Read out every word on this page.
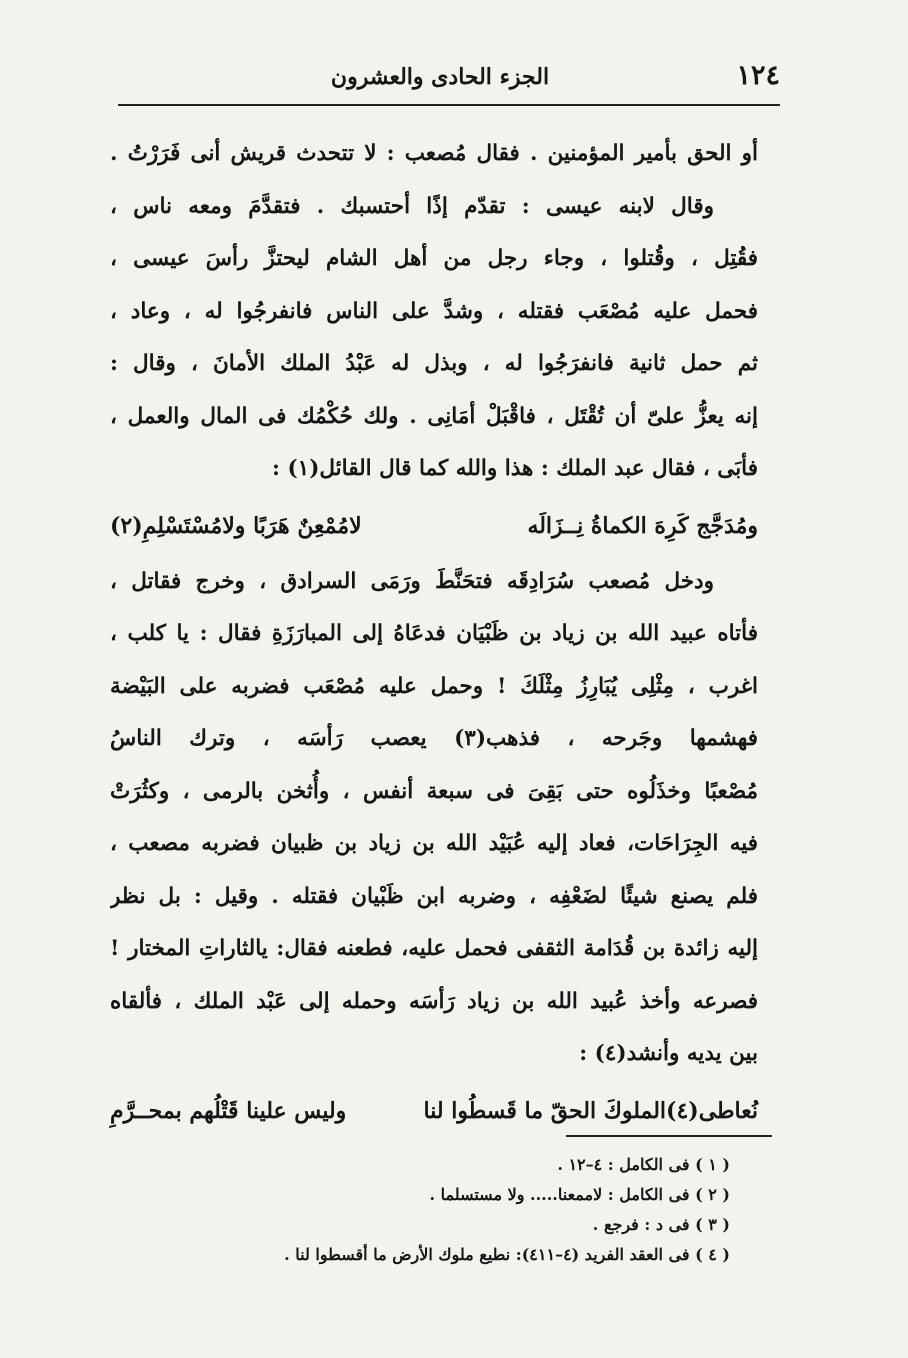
١٢٤
الجزء الحادى والعشرون
أو الحق بأمير المؤمنين . فقال مُصعب : لا تتحدث قريش أنى فَرَرْتُ .
وقال لابنه عيسى : تقدّم إذًا أحتسبك . فتقدَّمَ ومعه ناس ،
فقُتِل ، وقُتلوا ، وجاء رجل من أهل الشام ليحتزَّ رأسَ عيسى ،
فحمل عليه مُصْعَب فقتله ، وشدَّ على الناس فانفرجُوا له ، وعاد ،
ثم حمل ثانية فانفرَجُوا له ، وبذل له عَبْدُ الملك الأمانَ ، وقال :
إنه يعزُّ علىّ أن تُقْتَل ، فاقْبَلْ أمَانِى . ولك حُكْمُك فى المال والعمل ،
فأبَى ، فقال عبد الملك : هذا والله كما قال القائل(١) :
ومُدَجَّج كَرِهَ الكماةُ نِــزَالَه
لامُمْعِنٌ هَرَبًا ولامُسْتَسْلِمِ(٢)
ودخل مُصعب سُرَادِقَه فتحَنَّطَ ورَمَى السرادق ، وخرج فقاتل ،
فأتاه عبيد الله بن زياد بن ظَبْيَان فدعَاهُ إلى المبارَزَةِ فقال : يا كلب ،
اغرب ، مِثْلِى يُبَارِزُ مِثْلَكَ ! وحمل عليه مُصْعَب فضربه على البَيْضة
فهشمها وجَرحه ، فذهب(٣) يعصب رَأسَه ، وترك الناسُ
مُصْعبًا وخذَلُوه حتى بَقِىَ فى سبعة أنفس ، وأُثخن بالرمى ، وكثُرَتْ
فيه الجِرَاحَات، فعاد إليه عُبَيْد الله بن زياد بن ظبيان فضربه مصعب ،
فلم يصنع شيئًا لضَعْفِه ، وضربه ابن ظَبْيان فقتله . وقيل : بل نظر
إليه زائدة بن قُدَامة الثقفى فحمل عليه، فطعنه فقال: يالثاراتِ المختار !
فصرعه وأخذ عُبيد الله بن زياد رَأسَه وحمله إلى عَبْد الملك ، فألقاه
بين يديه وأنشد(٤) :
نُعاطى(٤)الملوكَ الحقّ ما قَسطُوا لنا
وليس علينا قَتْلُهم بمحــرَّمِ
( ١ ) فى الكامل : ٤–١٢ .
( ٢ ) فى الكامل : لاممعنا..... ولا مستسلما .
( ٣ ) فى د : فرجع .
( ٤ ) فى العقد الفريد (٤–٤١١): نطيع ملوك الأرض ما أقسطوا لنا .
